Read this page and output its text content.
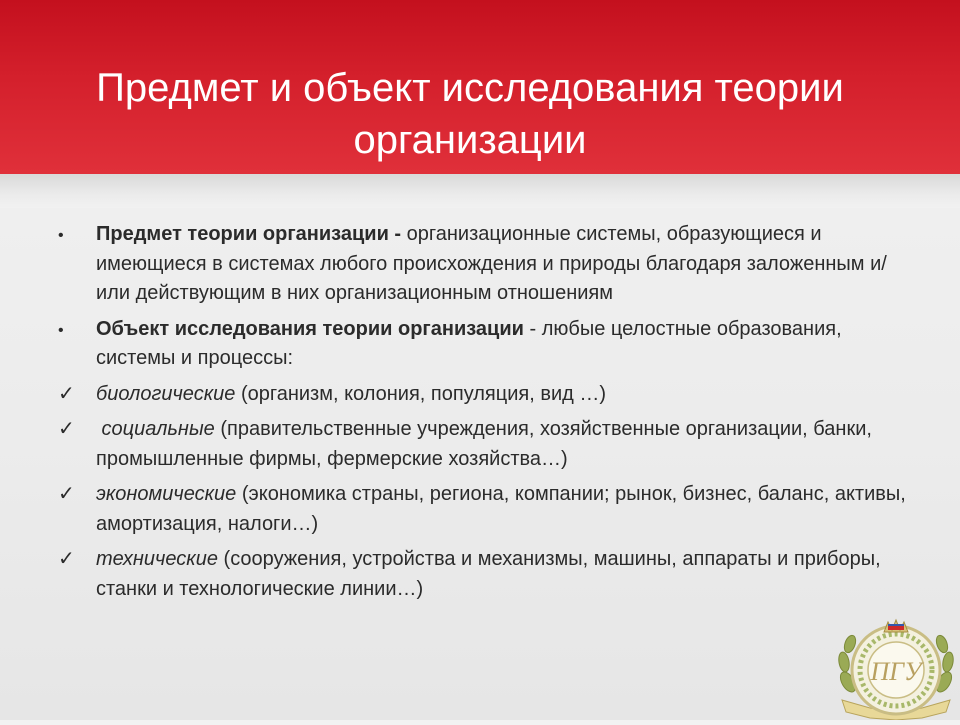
Предмет и объект исследования теории организации
•	Предмет теории организации - организационные системы, образующиеся и имеющиеся в системах любого происхождения и природы благодаря заложенным и/или действующим в них организационным отношениям
•	Объект исследования теории организации - любые целостные образования, системы и процессы:
✓	биологические (организм, колония, популяция, вид …)
✓	социальные (правительственные учреждения, хозяйственные организации, банки, промышленные фирмы, фермерские хозяйства…)
✓	экономические (экономика страны, региона, компании; рынок, бизнес, баланс, активы, амортизация, налоги…)
✓	технические (сооружения, устройства и механизмы, машины, аппараты и приборы, станки и технологические линии…)
ПГУ
